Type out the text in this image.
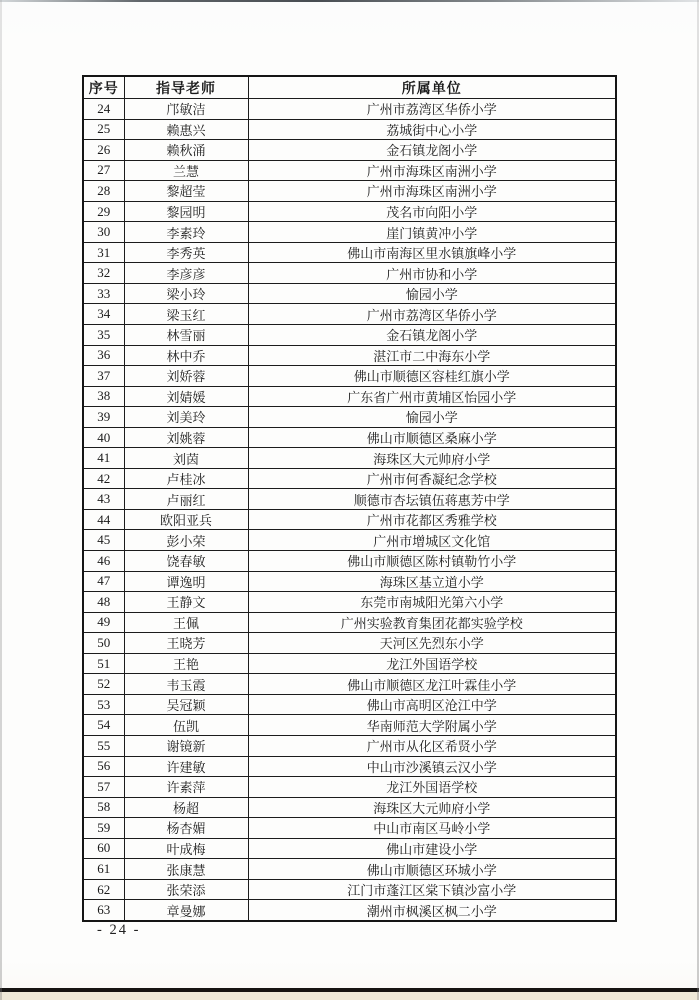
序号	指导老师	所属单位
24	邝敏洁	广州市荔湾区华侨小学
25	赖惠兴	荔城街中心小学
26	赖秋涌	金石镇龙阁小学
27	兰慧	广州市海珠区南洲小学
28	黎超莹	广州市海珠区南洲小学
29	黎园明	茂名市向阳小学
30	李素玲	崖门镇黄冲小学
31	李秀英	佛山市南海区里水镇旗峰小学
32	李彦彦	广州市协和小学
33	梁小玲	愉园小学
34	梁玉红	广州市荔湾区华侨小学
35	林雪丽	金石镇龙阁小学
36	林中乔	湛江市二中海东小学
37	刘娇蓉	佛山市顺德区容桂红旗小学
38	刘婧媛	广东省广州市黄埔区怡园小学
39	刘美玲	愉园小学
40	刘姚蓉	佛山市顺德区桑麻小学
41	刘茵	海珠区大元帅府小学
42	卢桂冰	广州市何香凝纪念学校
43	卢丽红	顺德市杏坛镇伍蒋惠芳中学
44	欧阳亚兵	广州市花都区秀雅学校
45	彭小荣	广州市增城区文化馆
46	饶春敏	佛山市顺德区陈村镇勒竹小学
47	谭逸明	海珠区基立道小学
48	王静文	东莞市南城阳光第六小学
49	王佩	广州实验教育集团花都实验学校
50	王晓芳	天河区先烈东小学
51	王艳	龙江外国语学校
52	韦玉霞	佛山市顺德区龙江叶霖佳小学
53	吴冠颖	佛山市高明区沧江中学
54	伍凯	华南师范大学附属小学
55	谢镜新	广州市从化区希贤小学
56	许建敏	中山市沙溪镇云汉小学
57	许素萍	龙江外国语学校
58	杨超	海珠区大元帅府小学
59	杨杏媚	中山市南区马岭小学
60	叶成梅	佛山市建设小学
61	张康慧	佛山市顺德区环城小学
62	张荣添	江门市蓬江区棠下镇沙富小学
63	章曼娜	潮州市枫溪区枫二小学
- 24 -
